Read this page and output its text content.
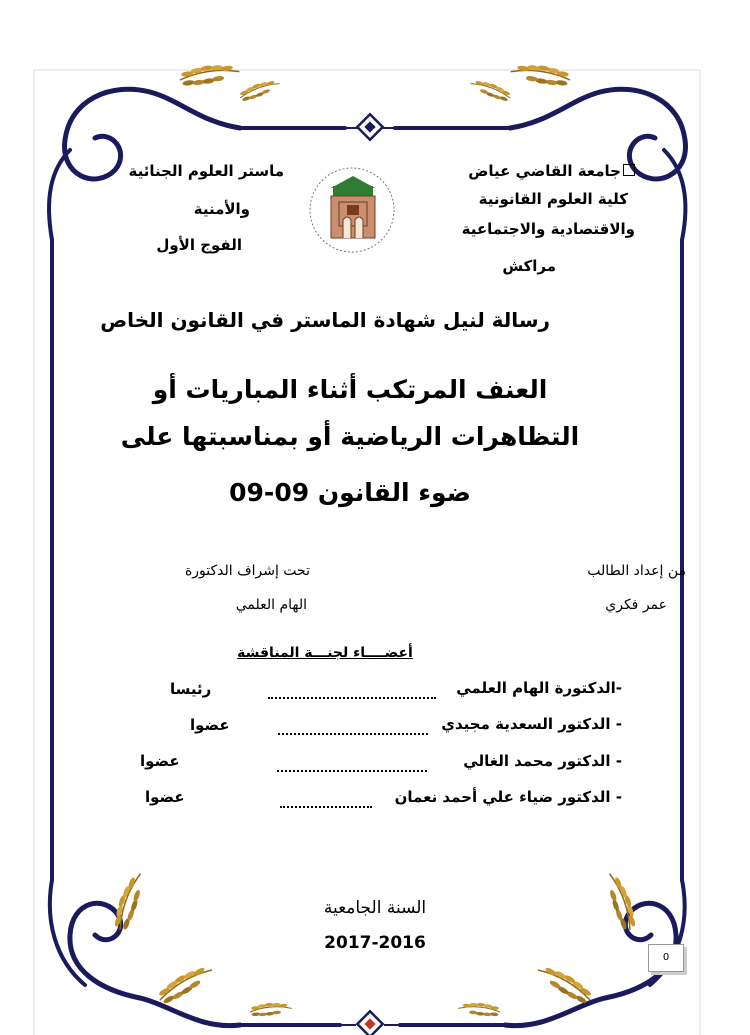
جامعة القاضي عياض
كلية العلوم القانونية
والاقتصادية والاجتماعية
مراكش
ماستر العلوم الجنائية
والأمنية
الفوج الأول
رسالة لنيل شهادة الماستر في القانون الخاص
العنف المرتكب أثناء المباريات أو
التظاهرات الرياضية أو بمناسبتها على
ضوء القانون 09-09
من إعداد الطالب
عمر فكري
تحت إشراف الدكتورة
الهام العلمي
أعضــــاء لجنـــة المناقشة
-الدكتورة الهام العلمي
رئيسا
- الدكتور السعدية مجيدي
عضوا
- الدكتور محمد الغالي
عضوا
- الدكتور ضياء علي أحمد نعمان
عضوا
السنة الجامعية
2017-2016
0
